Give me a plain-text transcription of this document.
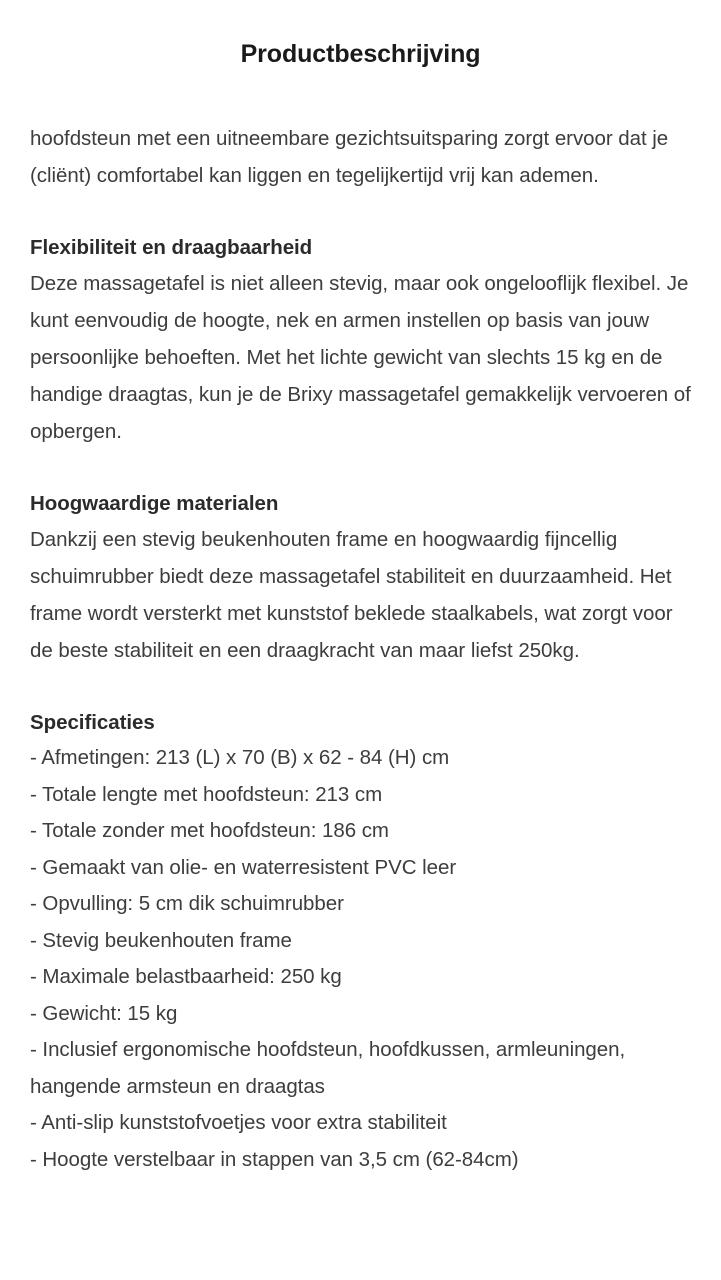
Productbeschrijving

hoofdsteun met een uitneembare gezichtsuitsparing zorgt ervoor dat je (cliënt) comfortabel kan liggen en tegelijkertijd vrij kan ademen.

Flexibiliteit en draagbaarheid

Deze massagetafel is niet alleen stevig, maar ook ongelooflijk flexibel. Je kunt eenvoudig de hoogte, nek en armen instellen op basis van jouw persoonlijke behoeften. Met het lichte gewicht van slechts 15 kg en de handige draagtas, kun je de Brixy massagetafel gemakkelijk vervoeren of opbergen.

Hoogwaardige materialen

Dankzij een stevig beukenhouten frame en hoogwaardig fijncellig schuimrubber biedt deze massagetafel stabiliteit en duurzaamheid. Het frame wordt versterkt met kunststof beklede staalkabels, wat zorgt voor de beste stabiliteit en een draagkracht van maar liefst 250kg.

Specificaties
- Afmetingen: 213 (L) x 70 (B) x 62 - 84 (H) cm
- Totale lengte met hoofdsteun: 213 cm
- Totale zonder met hoofdsteun: 186 cm
- Gemaakt van olie- en waterresistent PVC leer
- Opvulling: 5 cm dik schuimrubber
- Stevig beukenhouten frame
- Maximale belastbaarheid: 250 kg
- Gewicht: 15 kg
- Inclusief ergonomische hoofdsteun, hoofdkussen, armleuningen, hangende armsteun en draagtas
- Anti-slip kunststofvoetjes voor extra stabiliteit
- Hoogte verstelbaar in stappen van 3,5 cm (62-84cm)
